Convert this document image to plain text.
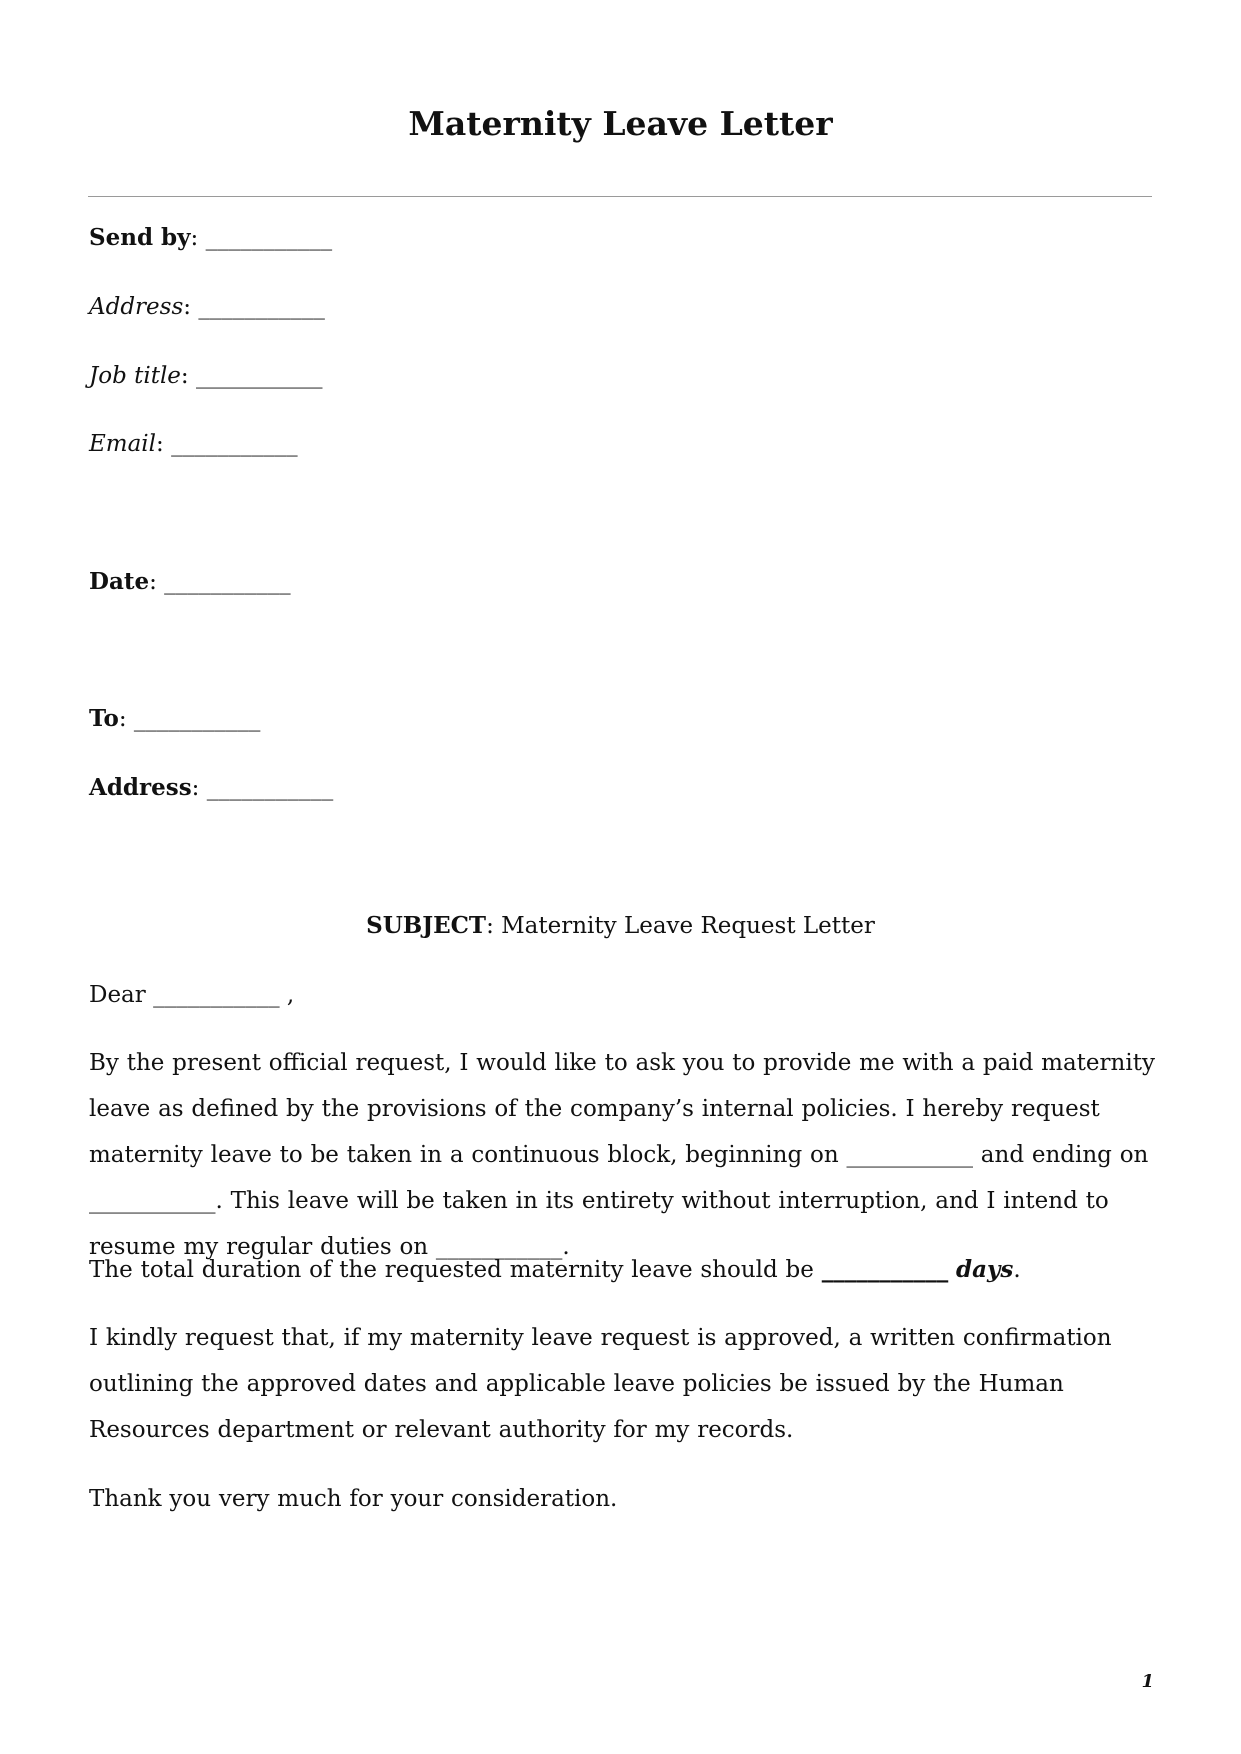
Maternity Leave Letter

Send by: ___________

Address: ___________

Job title: ___________

Email: ___________

Date: ___________

To: ___________

Address: ___________

SUBJECT: Maternity Leave Request Letter

Dear ___________ ,

By the present official request, I would like to ask you to provide me with a paid maternity leave as defined by the provisions of the company’s internal policies. I hereby request maternity leave to be taken in a continuous block, beginning on ___________ and ending on ___________. This leave will be taken in its entirety without interruption, and I intend to resume my regular duties on ___________.

The total duration of the requested maternity leave should be ___________ days.

I kindly request that, if my maternity leave request is approved, a written confirmation outlining the approved dates and applicable leave policies be issued by the Human Resources department or relevant authority for my records.

Thank you very much for your consideration.

1
